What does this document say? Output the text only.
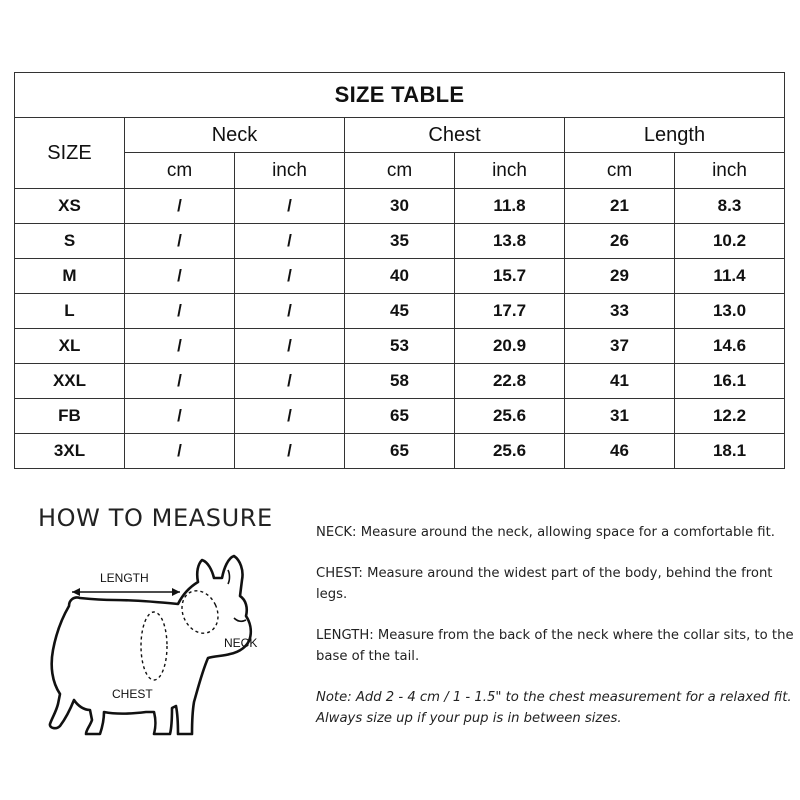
SIZE TABLE						
SIZE	Neck		Chest		Length	
	cm	inch	cm	inch	cm	inch
XS	/	/	30	11.8	21	8.3
S	/	/	35	13.8	26	10.2
M	/	/	40	15.7	29	11.4
L	/	/	45	17.7	33	13.0
XL	/	/	53	20.9	37	14.6
XXL	/	/	58	22.8	41	16.1
FB	/	/	65	25.6	31	12.2
3XL	/	/	65	25.6	46	18.1
HOW TO MEASURE
LENGTH
NECK
CHEST

NECK: Measure around the neck, allowing space for a comfortable fit.

CHEST: Measure around the widest part of the body, behind the front legs.

LENGTH: Measure from the back of the neck where the collar sits, to the base of the tail.

Note: Add 2 - 4 cm / 1 - 1.5" to the chest measurement for a relaxed fit. Always size up if your pup is in between sizes.
